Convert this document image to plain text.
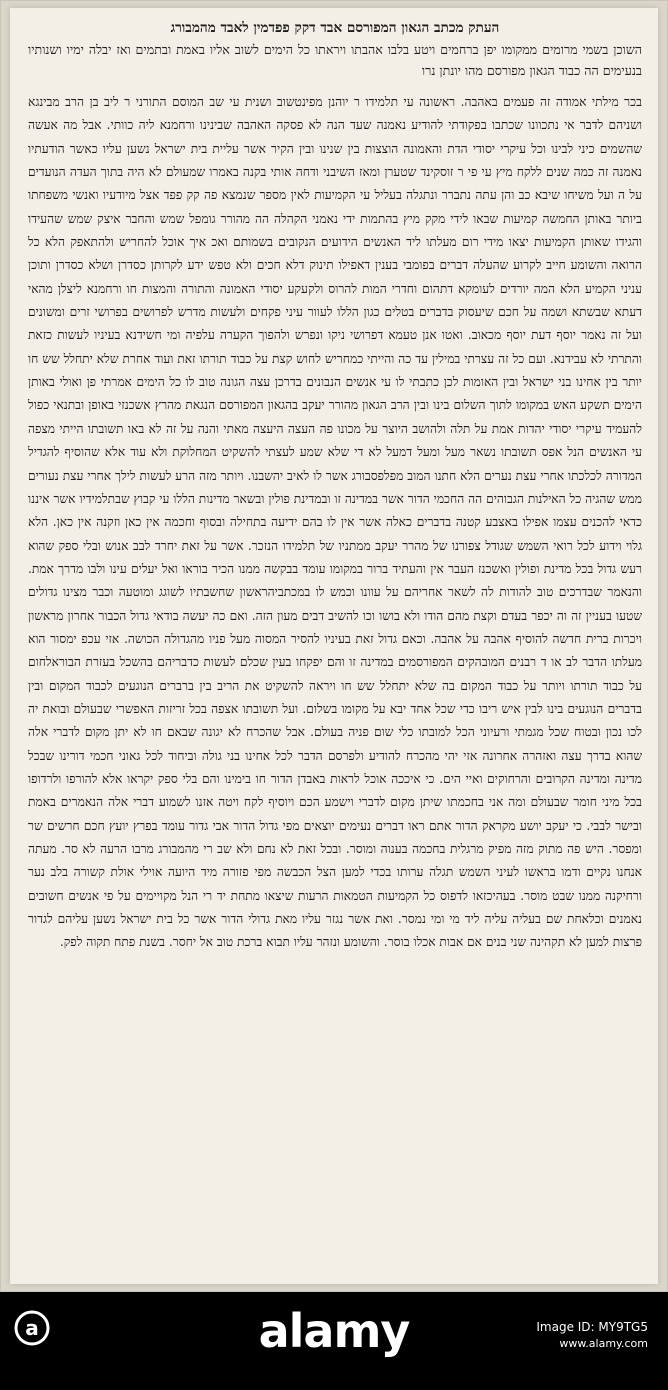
העתק מכתב הגאון המפורסם אבד דקק פפדמין לאבד מהמבורג
השוכן בשמי מרומים ממקומו יפן ברחמים ויטע בלבו אהבתו ויראתו כל הימים לשוב אליו באמת ובתמים ואז יבלה ימיו ושנותיו בנעימים הה כבוד הגאון מפורסם מהו יונתן נרו

בכר מילתי אמודה זה פעמים באהבה. ראשונה עי תלמידו ר יוהנן מפינטשוב ושנית עי שב המוסם התורני ר ליב בן הרב מבינגא ושניהם לדבר אי נתכוונו שכתבו בפקודתי להודיע נאמנה שעד הנה לא פסקה האהבה שבינינו ורחמנא ליה כוותי. אבל מה אעשה שהשמים כיני לבינו וכל עיקרי יסודי הדת והאמונה הוצצות בין שנינו ובין הקיר אשר עליית בית ישראל נשען עליו כאשר הודעתיו נאמנה זה כמה שנים ללקח מיץ עי פי ר זוסקינד שטערן ומאז השיבני ודחה אותי בקנה באמרו שמעולם לא היה בתוך העדה הנועדים על ה ועל משיחו שיבא כב והן עתה נתברר ונתגלה בעליל עי הקמיעות לאין מספר שנמצא פה קק פפד אצל מיודעיו ואנשי משפחתו ביותר באותן החמשה קמיעות שבאו לידי מקק מיץ בהתמות ידי נאמני הקהלה הה מהורר גומפל שמש והחבר איצק שמש שהעידו והגידו שאותן הקמיעות יצאו מידי רום מעלתו ליד האנשים הידועים הנקובים בשמותם ואכ איך אוכל להחריש ולהתאפק הלא כל הרואה והשומע חייב לקרוע שהעלה דברים בפומבי בענין דאפילו תינוק דלא חכים ולא טפש ידע לקרותן כסדרן ושלא כסדרן ותוכן עניני הקמיע הלא המה יורדים לעומקא דתהום וחדרי המות להרוס ולקעקע יסודי האמונה והתורה והמצות חו ורחמנא ליצלן מהאי דעתא שבשתא ושמה על חכם שיעסוק בדברים בטלים כגון הללו לעוור עיני פקחים ולעשות מדרש לפרושים בפרושי זרים ומשונים ועל זה נאמר יוסף דעת יוסף מכאוב. ואטו אנן טעמא דפרושי ניקו ונפרש ולהפוך הקערה עלפיה ומי חשידנא בעיניו לעשות כזאת והתרתי לא עבידנא. ועם כל זה עצרתי במילין עד כה והייתי כמחריש לחוש קצת על כבוד תורתו זאת ועוד אחרת שלא יתחלל שש חו יותר בין אחינו בני ישראל ובין האומות לכן כתבתי לו עי אנשים הנבונים בדרכן עצה הגונה טוב לו כל הימים אמרתי פן ואולי באותן הימים תשקע האש במקומו לתוך השלום בינו ובין הרב הגאון מהורר יעקב בהגאון המפורסם הנגאת מהרץ אשכנזי באופן ובתנאי כפול להעמיד עיקרי יסודי יהדות אמת על תלה ולהושב היוצר על מכונו פה העצה היעצה מאתי והנה על זה לא באו תשובתו הייתי מצפה עי האנשים הנל אפס תשובתו נשאר מעל ומעל דמעל לא די שלא שמע לעצתי להשקיט המחלוקת ולא עוד אלא שהוסיף להגדיל המדורה לכלכתו אחרי עצת נערים הלא חתנו המוב מפלפסבורג אשר לו לאיב יהשבנו. ויותר מזה הרע לעשות לילך אחרי עצת נעורים ממש שהגיה כל האילנות הגבוהים הה החכמי הדור אשר במדינה זו ובמדינת פולין ובשאר מדינות הללו עי קבוץ שבתלמידיו אשר איננו כדאי להכנים עצמו אפילו באצבע קטנה בדברים כאלה אשר אין לו בהם ידיעה בתחילה ובסוף וחכמה אין כאן וזקנה אין כאן. הלא גלוי וידוע לכל רואי השמש שגודל צפורנו של מהרר יעקב ממתניו של תלמידו הנזכר. אשר על זאת יחרד לבב אנוש ובלי ספק שהוא רעש גדול בכל מדינת ופולין ואשכנז העבר אין והעתיד ברור במקומו עומד בבקשה ממנו הכיר בוראו ואל יעלים עינו ולבו מדרך אמת. והנאמר שבדרכים טוב להודות לה לשאר אחריהם על עוונו וכמש לו במכתביהראשון שחשבתיו לשוגג ומוטעה וכבר מצינו גדולים שטעו בעניין זה וה יכפר בעדם וקצת מהם הודו ולא בושו וכו להשיב דבים מעון הזה. ואם כה יעשה בודאי גדול הכבור אחרון מראשון ויכרות ברית חדשה להוסיף אהבה על אהבה. וכאם גדול זאת בעיניו להסיר המסוה מעל פניו מהגדולה הכושה. אזי עכפ ימסור הוא מעלתו הדבר לב או ד רבנים המובהקים המפורסמים במדינה זו והם יפקחו בעין שכלם לעשות כדבריהם בהשכל בעזרת הבוראלחום על כבוד תורתו ויותר על כבוד המקום בה שלא יתחלל שש חו ויראה להשקיט את הריב בין ברברים הנוגעים לכבוד המקום ובין בדברים הנוגעים בינו לבין איש ריבו כדי שכל אחד יבא על מקומו בשלום. ועל תשובתו אצפה בכל זריזות האפשרי שבעולם ובואת יה לכו נכון ובטוח שכל מגמתי ורעיוני הכל למובתו כלי שום פניה בעולם. אבל שהכרח לא יגונה שבאם חו לא יתן מקום לדברי אלה שהוא בדרך עצה ואזהרה אחרונה אזי יהי מהכרח להודיע ולפרסם הדבר לכל אחינו בני גולה וביחוד לכל גאוני חכמי דורינו שבכל מדינה ומדינה הקרובים והרחוקים ואיי הים. כי איככה אוכל לראות באבדן הדור חו בימינו והם בלי ספק יקראו אלא להורפו ולרדופו בכל מיני חומר שבעולם ומה אני בחכמתו שיתן מקום לדברי וישמע הכם ויוסיף לקח ויטה אזנו לשמוע דברי אלה הנאמרים באמת ובישר לבבי. כי יעקב יושע מקראק הדור אתם ראו דברים נעימים יוצאים מפי גדול הדור אבי גדור עומד בפרץ יועץ חכם חרשים שר ומפסר. היש פה מתוק מזה מפיק מרגלית בחכמה בענוה ומוסר. ובכל זאת לא נחם ולא שב רי מהמבורג מרבו הרעה לא סר. מעתה אנחנו נקיים ודמו בראשו לעיני השמש תגלה ערותו בכדי למען הצל הכבשה מפי פזורה מיד היועה אוילי אולת קשורה בלב נער ורחיקנה ממנו שבט מוסר. בעהיכזאו לדפוס כל הקמיעות הטמאות הרעות שיצאו מתחת יד רי הנל מקויימים על פי אנשים חשובים נאמנים וכלאחת שם בעליה עליה ליד מי ומי נמסר. ואת אשר נגזר עליו מאת גדולי הדור אשר כל בית ישראל נשען עליהם לגדור פרצות למען לא תקהינה שני בנים אם אבות אכלו בוסר. והשומע ונזהר עליו תבוא ברכת טוב אל יחסר. בשנת פתח תקוה לפק.

a	alamy	Image ID: MY9TG5
www.alamy.com
